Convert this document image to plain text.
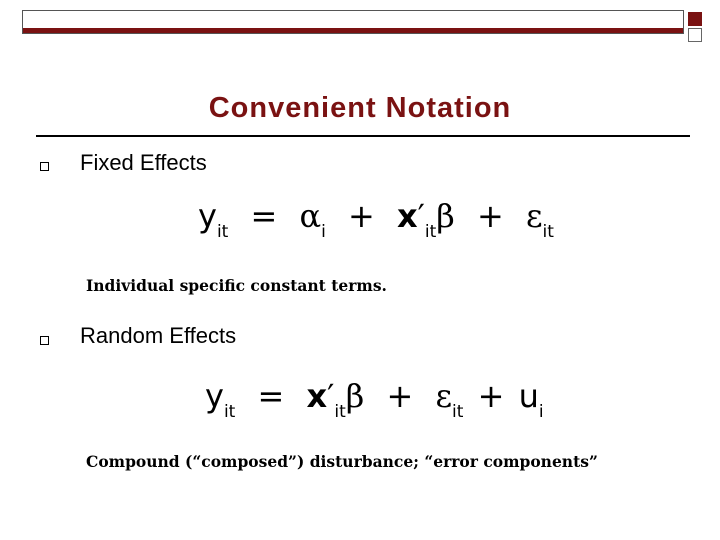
Convenient Notation
Fixed Effects
$y_{it} = \alpha_i + x'_{it}\beta + \varepsilon_{it}$
Individual specific constant terms.
Random Effects
$y_{it} = x'_{it}\beta + \varepsilon_{it} + u_i$
Compound (“composed”) disturbance; “error components”
